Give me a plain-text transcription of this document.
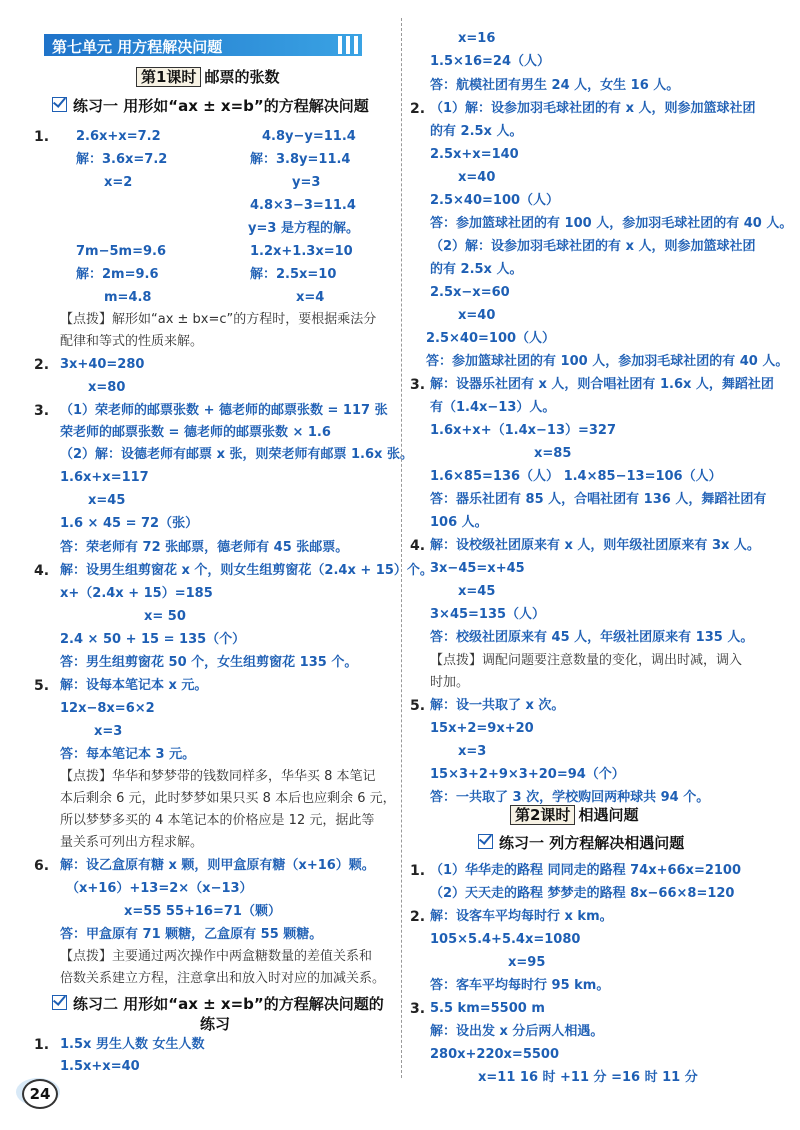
第七单元 用方程解决问题
第1课时 邮票的张数
练习一 用形如“ax ± x=b”的方程解决问题
1. 2.6x+x=7.2	4.8y−y=11.4
解：3.6x=7.2	解：3.8y=11.4
x=2	y=3
4.8×3−3=11.4
y=3 是方程的解。
7m−5m=9.6	1.2x+1.3x=10
解：2m=9.6	解：2.5x=10
m=4.8	x=4
【点拨】解形如“ax ± bx=c”的方程时，要根据乘法分
配律和等式的性质来解。
2. 3x+40=280
x=80
3. （1）荣老师的邮票张数 + 德老师的邮票张数 = 117 张
荣老师的邮票张数 = 德老师的邮票张数 × 1.6
（2）解：设德老师有邮票 x 张，则荣老师有邮票 1.6x 张。
1.6x+x=117
x=45
1.6 × 45 = 72（张）
答：荣老师有 72 张邮票，德老师有 45 张邮票。
4. 解：设男生组剪窗花 x 个，则女生组剪窗花（2.4x + 15）个。
x+（2.4x + 15）=185
x= 50
2.4 × 50 + 15 = 135（个）
答：男生组剪窗花 50 个，女生组剪窗花 135 个。
5. 解：设每本笔记本 x 元。
12x−8x=6×2
x=3
答：每本笔记本 3 元。
【点拨】华华和梦梦带的钱数同样多，华华买 8 本笔记
本后剩余 6 元，此时梦梦如果只买 8 本后也应剩余 6 元，
所以梦梦多买的 4 本笔记本的价格应是 12 元，据此等
量关系可列出方程求解。
6. 解：设乙盒原有糖 x 颗，则甲盒原有糖（x+16）颗。
（x+16）+13=2×（x−13）
x=55 55+16=71（颗）
答：甲盒原有 71 颗糖，乙盒原有 55 颗糖。
【点拨】主要通过两次操作中两盒糖数量的差值关系和
倍数关系建立方程，注意拿出和放入时对应的加减关系。
练习二 用形如“ax ± x=b”的方程解决问题的
练习
1. 1.5x 男生人数 女生人数
1.5x+x=40
24
x=16
1.5×16=24（人）
答：航模社团有男生 24 人，女生 16 人。
2. （1）解：设参加羽毛球社团的有 x 人，则参加篮球社团
的有 2.5x 人。
2.5x+x=140
x=40
2.5×40=100（人）
答：参加篮球社团的有 100 人，参加羽毛球社团的有 40 人。
（2）解：设参加羽毛球社团的有 x 人，则参加篮球社团
的有 2.5x 人。
2.5x−x=60
x=40
2.5×40=100（人）
答：参加篮球社团的有 100 人，参加羽毛球社团的有 40 人。
3. 解：设器乐社团有 x 人，则合唱社团有 1.6x 人，舞蹈社团
有（1.4x−13）人。
1.6x+x+（1.4x−13）=327
x=85
1.6×85=136（人） 1.4×85−13=106（人）
答：器乐社团有 85 人，合唱社团有 136 人，舞蹈社团有
106 人。
4. 解：设校级社团原来有 x 人，则年级社团原来有 3x 人。
3x−45=x+45
x=45
3×45=135（人）
答：校级社团原来有 45 人，年级社团原来有 135 人。
【点拨】调配问题要注意数量的变化，调出时减，调入
时加。
5. 解：设一共取了 x 次。
15x+2=9x+20
x=3
15×3+2+9×3+20=94（个）
答：一共取了 3 次，学校购回两种球共 94 个。
第2课时 相遇问题
练习一 列方程解决相遇问题
1. （1）华华走的路程 同同走的路程 74x+66x=2100
（2）天天走的路程 梦梦走的路程 8x−66×8=120
2. 解：设客车平均每时行 x km。
105×5.4+5.4x=1080
x=95
答：客车平均每时行 95 km。
3. 5.5 km=5500 m
解：设出发 x 分后两人相遇。
280x+220x=5500
x=11 16 时 +11 分 =16 时 11 分
